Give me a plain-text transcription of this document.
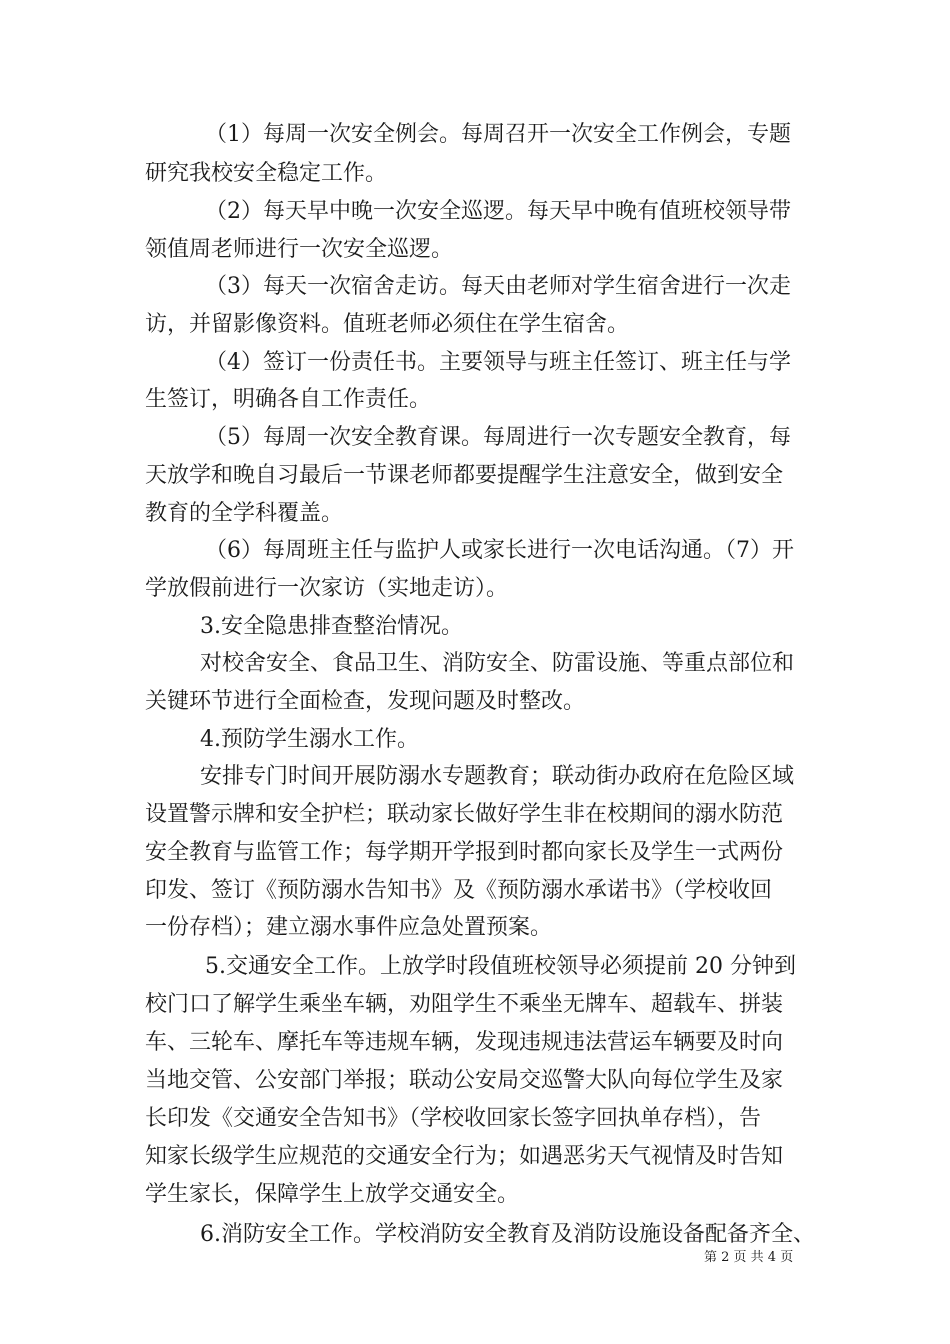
（1）每周一次安全例会。每周召开一次安全工作例会，专题
研究我校安全稳定工作。
（2）每天早中晚一次安全巡逻。每天早中晚有值班校领导带
领值周老师进行一次安全巡逻。
（3）每天一次宿舍走访。每天由老师对学生宿舍进行一次走
访，并留影像资料。值班老师必须住在学生宿舍。
（4）签订一份责任书。主要领导与班主任签订、班主任与学
生签订，明确各自工作责任。
（5）每周一次安全教育课。每周进行一次专题安全教育，每
天放学和晚自习最后一节课老师都要提醒学生注意安全，做到安全
教育的全学科覆盖。
（6）每周班主任与监护人或家长进行一次电话沟通。（7）开
学放假前进行一次家访（实地走访）。
3.安全隐患排查整治情况。
对校舍安全、食品卫生、消防安全、防雷设施、等重点部位和
关键环节进行全面检查，发现问题及时整改。
4.预防学生溺水工作。
安排专门时间开展防溺水专题教育；联动街办政府在危险区域
设置警示牌和安全护栏；联动家长做好学生非在校期间的溺水防范
安全教育与监管工作；每学期开学报到时都向家长及学生一式两份
印发、签订《预防溺水告知书》及《预防溺水承诺书》（学校收回
一份存档）；建立溺水事件应急处置预案。
5.交通安全工作。上放学时段值班校领导必须提前 20 分钟到
校门口了解学生乘坐车辆，劝阻学生不乘坐无牌车、超载车、拼装
车、三轮车、摩托车等违规车辆，发现违规违法营运车辆要及时向
当地交管、公安部门举报；联动公安局交巡警大队向每位学生及家
长印发《交通安全告知书》（学校收回家长签字回执单存档），告
知家长级学生应规范的交通安全行为；如遇恶劣天气视情及时告知
学生家长，保障学生上放学交通安全。
6.消防安全工作。学校消防安全教育及消防设施设备配备齐全、
第 2 页 共 4 页
